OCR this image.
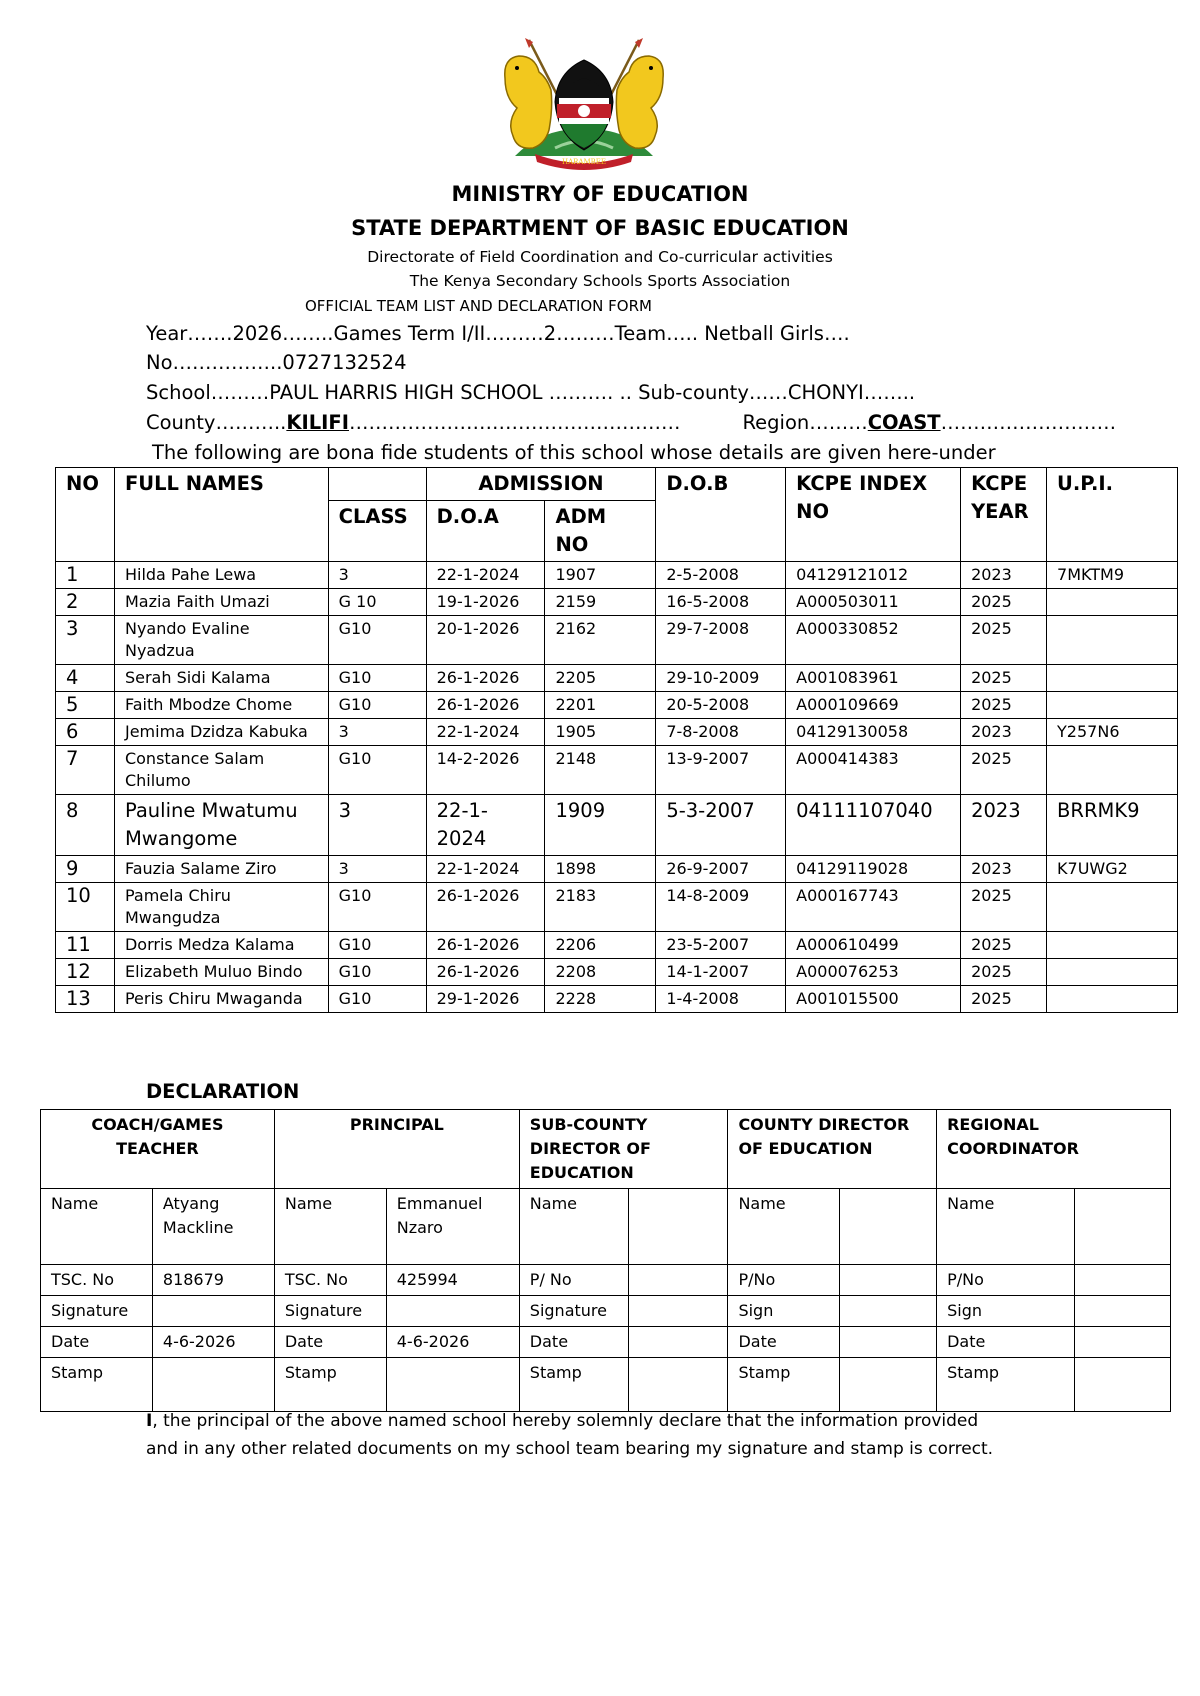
HARAMBEE
MINISTRY OF EDUCATION
STATE DEPARTMENT OF BASIC EDUCATION
Directorate of Field Coordination and Co-curricular activities
The Kenya Secondary Schools Sports Association
OFFICIAL TEAM LIST AND DECLARATION FORM
Year…….2026……..Games Term I/II………2………Team….. Netball Girls….
No……………..0727132524
School………PAUL HARRIS HIGH SCHOOL ………. .. Sub-county……CHONYI……..
County………..KILIFI……………………………………………          Region………COAST………………………
The following are bona fide students of this school whose details are given here-under
NO	FULL NAMES		ADMISSION		D.O.B	KCPE INDEX NO	KCPE YEAR	U.P.I.
		CLASS	D.O.A	ADM NO				
1	Hilda Pahe Lewa	3	22-1-2024	1907	2-5-2008	04129121012	2023	7MKTM9
2	Mazia Faith Umazi	G 10	19-1-2026	2159	16-5-2008	A000503011	2025	
3	Nyando Evaline Nyadzua	G10	20-1-2026	2162	29-7-2008	A000330852	2025	
4	Serah Sidi Kalama	G10	26-1-2026	2205	29-10-2009	A001083961	2025	
5	Faith Mbodze Chome	G10	26-1-2026	2201	20-5-2008	A000109669	2025	
6	Jemima Dzidza Kabuka	3	22-1-2024	1905	7-8-2008	04129130058	2023	Y257N6
7	Constance Salam Chilumo	G10	14-2-2026	2148	13-9-2007	A000414383	2025	
8	Pauline Mwatumu Mwangome	3	22-1-2024	1909	5-3-2007	04111107040	2023	BRRMK9
9	Fauzia Salame Ziro	3	22-1-2024	1898	26-9-2007	04129119028	2023	K7UWG2
10	Pamela Chiru Mwangudza	G10	26-1-2026	2183	14-8-2009	A000167743	2025	
11	Dorris Medza Kalama	G10	26-1-2026	2206	23-5-2007	A000610499	2025	
12	Elizabeth Muluo Bindo	G10	26-1-2026	2208	14-1-2007	A000076253	2025	
13	Peris Chiru Mwaganda	G10	29-1-2026	2228	1-4-2008	A001015500	2025	
DECLARATION
COACH/GAMES TEACHER		PRINCIPAL		SUB-COUNTY DIRECTOR OF EDUCATION		COUNTY DIRECTOR OF EDUCATION		REGIONAL COORDINATOR	
Name	Atyang Mackline	Name	Emmanuel Nzaro	Name		Name		Name	
TSC. No	818679	TSC. No	425994	P/ No		P/No		P/No	
Signature		Signature		Signature		Sign		Sign	
Date	4-6-2026	Date	4-6-2026	Date		Date		Date	
Stamp		Stamp		Stamp		Stamp		Stamp	
I, the principal of the above named school hereby solemnly declare that the information provided
and in any other related documents on my school team bearing my signature and stamp is correct.
